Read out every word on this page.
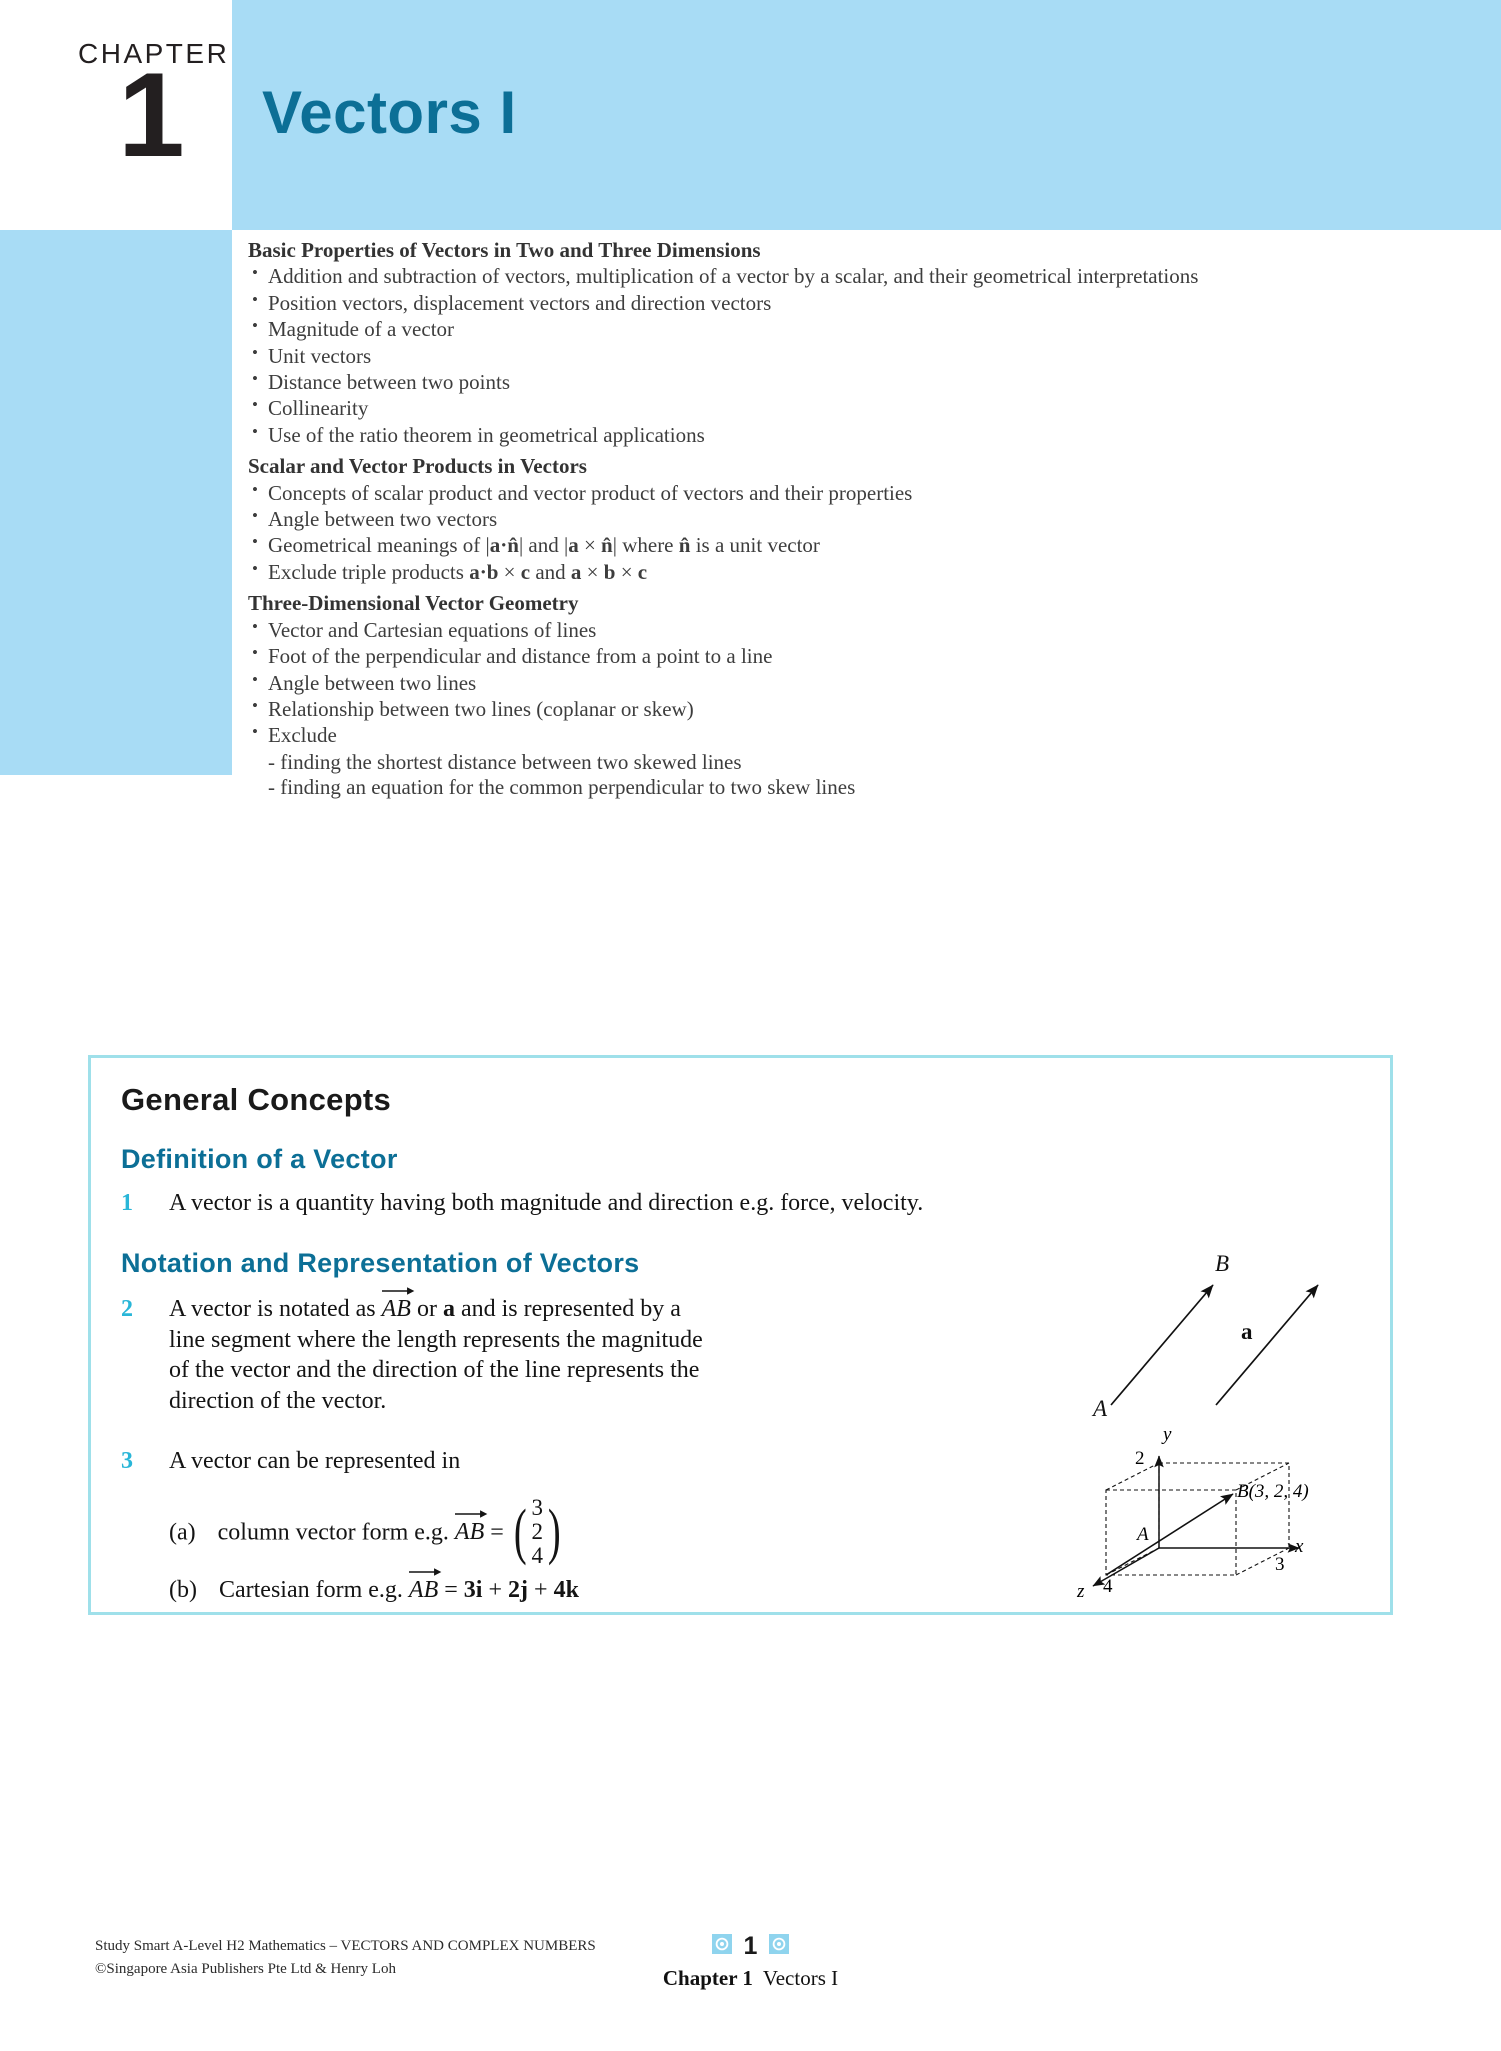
CHAPTER
1 Vectors I
Basic Properties of Vectors in Two and Three Dimensions
• Addition and subtraction of vectors, multiplication of a vector by a scalar, and their geometrical interpretations
• Position vectors, displacement vectors and direction vectors
• Magnitude of a vector
• Unit vectors
• Distance between two points
• Collinearity
• Use of the ratio theorem in geometrical applications
Scalar and Vector Products in Vectors
• Concepts of scalar product and vector product of vectors and their properties
• Angle between two vectors
• Geometrical meanings of |a·n̂| and |a × n̂| where n̂ is a unit vector
• Exclude triple products a·b × c and a × b × c
Three-Dimensional Vector Geometry
• Vector and Cartesian equations of lines
• Foot of the perpendicular and distance from a point to a line
• Angle between two lines
• Relationship between two lines (coplanar or skew)
• Exclude
- finding the shortest distance between two skewed lines
- finding an equation for the common perpendicular to two skew lines
General Concepts
Definition of a Vector
1 A vector is a quantity having both magnitude and direction e.g. force, velocity.
Notation and Representation of Vectors
2 A vector is notated as
AB or a and is represented by a
line segment where the length represents the magnitude
of the vector and the direction of the line represents the
direction of the vector.
B
A
a
3 A vector can be represented in
(a) column vector form e.g.
AB = ( 3
2
4 )
(b) Cartesian form e.g.
AB = 3i + 2j + 4k
y
x
z
2
3
4
A
B(3, 2, 4)
Study Smart A-Level H2 Mathematics – VECTORS AND COMPLEX NUMBERS
©Singapore Asia Publishers Pte Ltd & Henry Loh
1
Chapter 1 Vectors I
